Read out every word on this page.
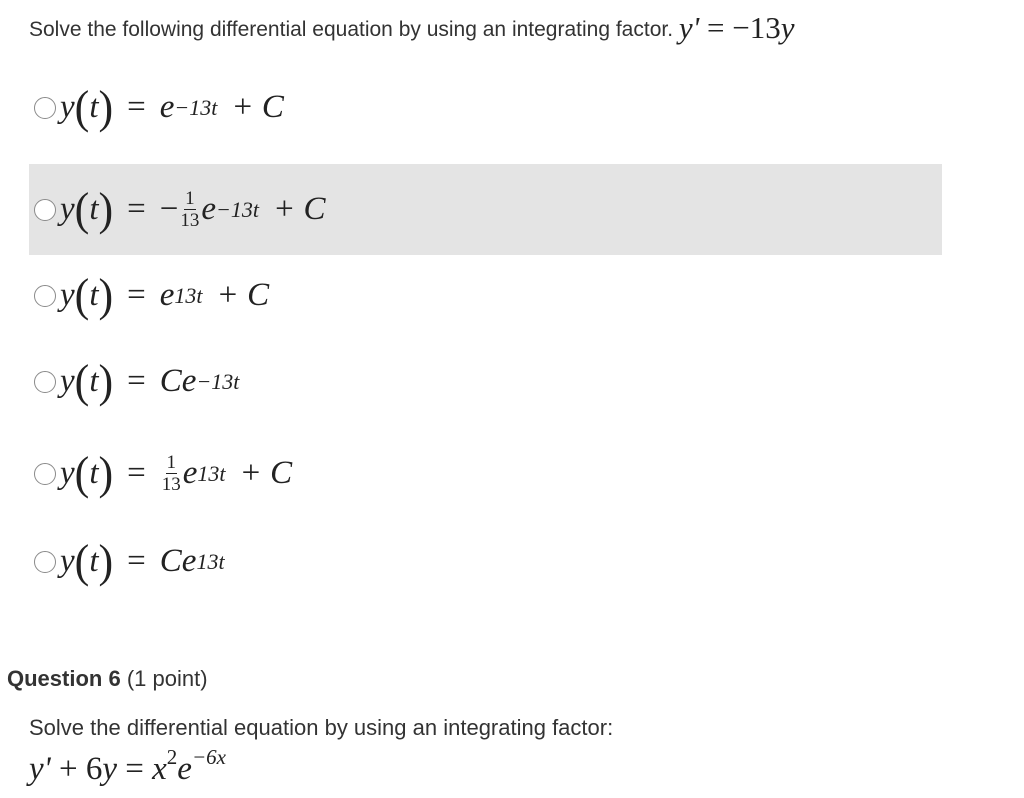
Solve the following differential equation by using an integrating factor. y' = −13y
y ( t ) = e −13t + C
y ( t ) = − $\frac{1}{13}$ e −13t + C
y ( t ) = e 13t + C
y ( t ) = C e −13t
y ( t ) = $\frac{1}{13}$ e 13t + C
y ( t ) = C e 13t
Question 6 (1 point)
Solve the differential equation by using an integrating factor:
$y' + 6y = x^2e^{-6x}$
